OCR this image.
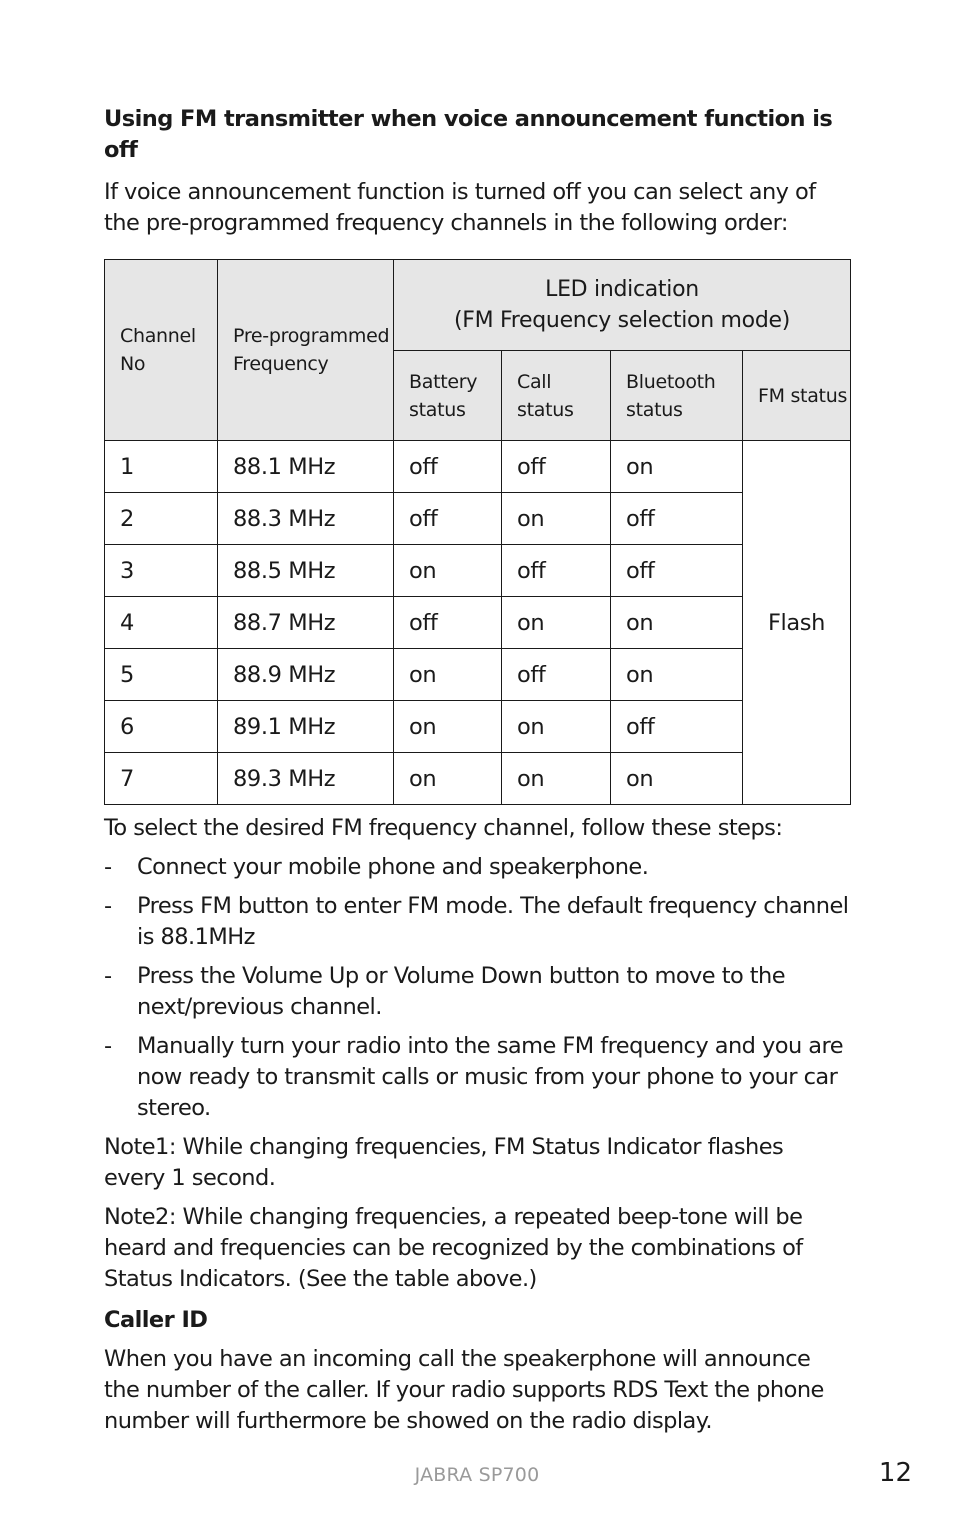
Using FM transmitter when voice announcement function is off

If voice announcement function is turned off you can select any of the pre-programmed frequency channels in the following order:

Channel No	Pre-programmed Frequency	LED indication
(FM Frequency selection mode)			

		Battery status	Call status	Bluetooth status	FM status
1	88.1 MHz	off	off	on	Flash
2	88.3 MHz	off	on	off	
3	88.5 MHz	on	off	off	
4	88.7 MHz	off	on	on	
5	88.9 MHz	on	off	on	
6	89.1 MHz	on	on	off	
7	89.3 MHz	on	on	on	

To select the desired FM frequency channel, follow these steps:

- Connect your mobile phone and speakerphone.
- Press FM button to enter FM mode. The default frequency channel is 88.1MHz
- Press the Volume Up or Volume Down button to move to the next/previous channel.
- Manually turn your radio into the same FM frequency and you are now ready to transmit calls or music from your phone to your car stereo.

Note1: While changing frequencies, FM Status Indicator flashes every 1 second.

Note2: While changing frequencies, a repeated beep-tone will be heard and frequencies can be recognized by the combinations of Status Indicators. (See the table above.)

Caller ID

When you have an incoming call the speakerphone will announce the number of the caller. If your radio supports RDS Text the phone number will furthermore be showed on the radio display.

JABRA SP700	12
